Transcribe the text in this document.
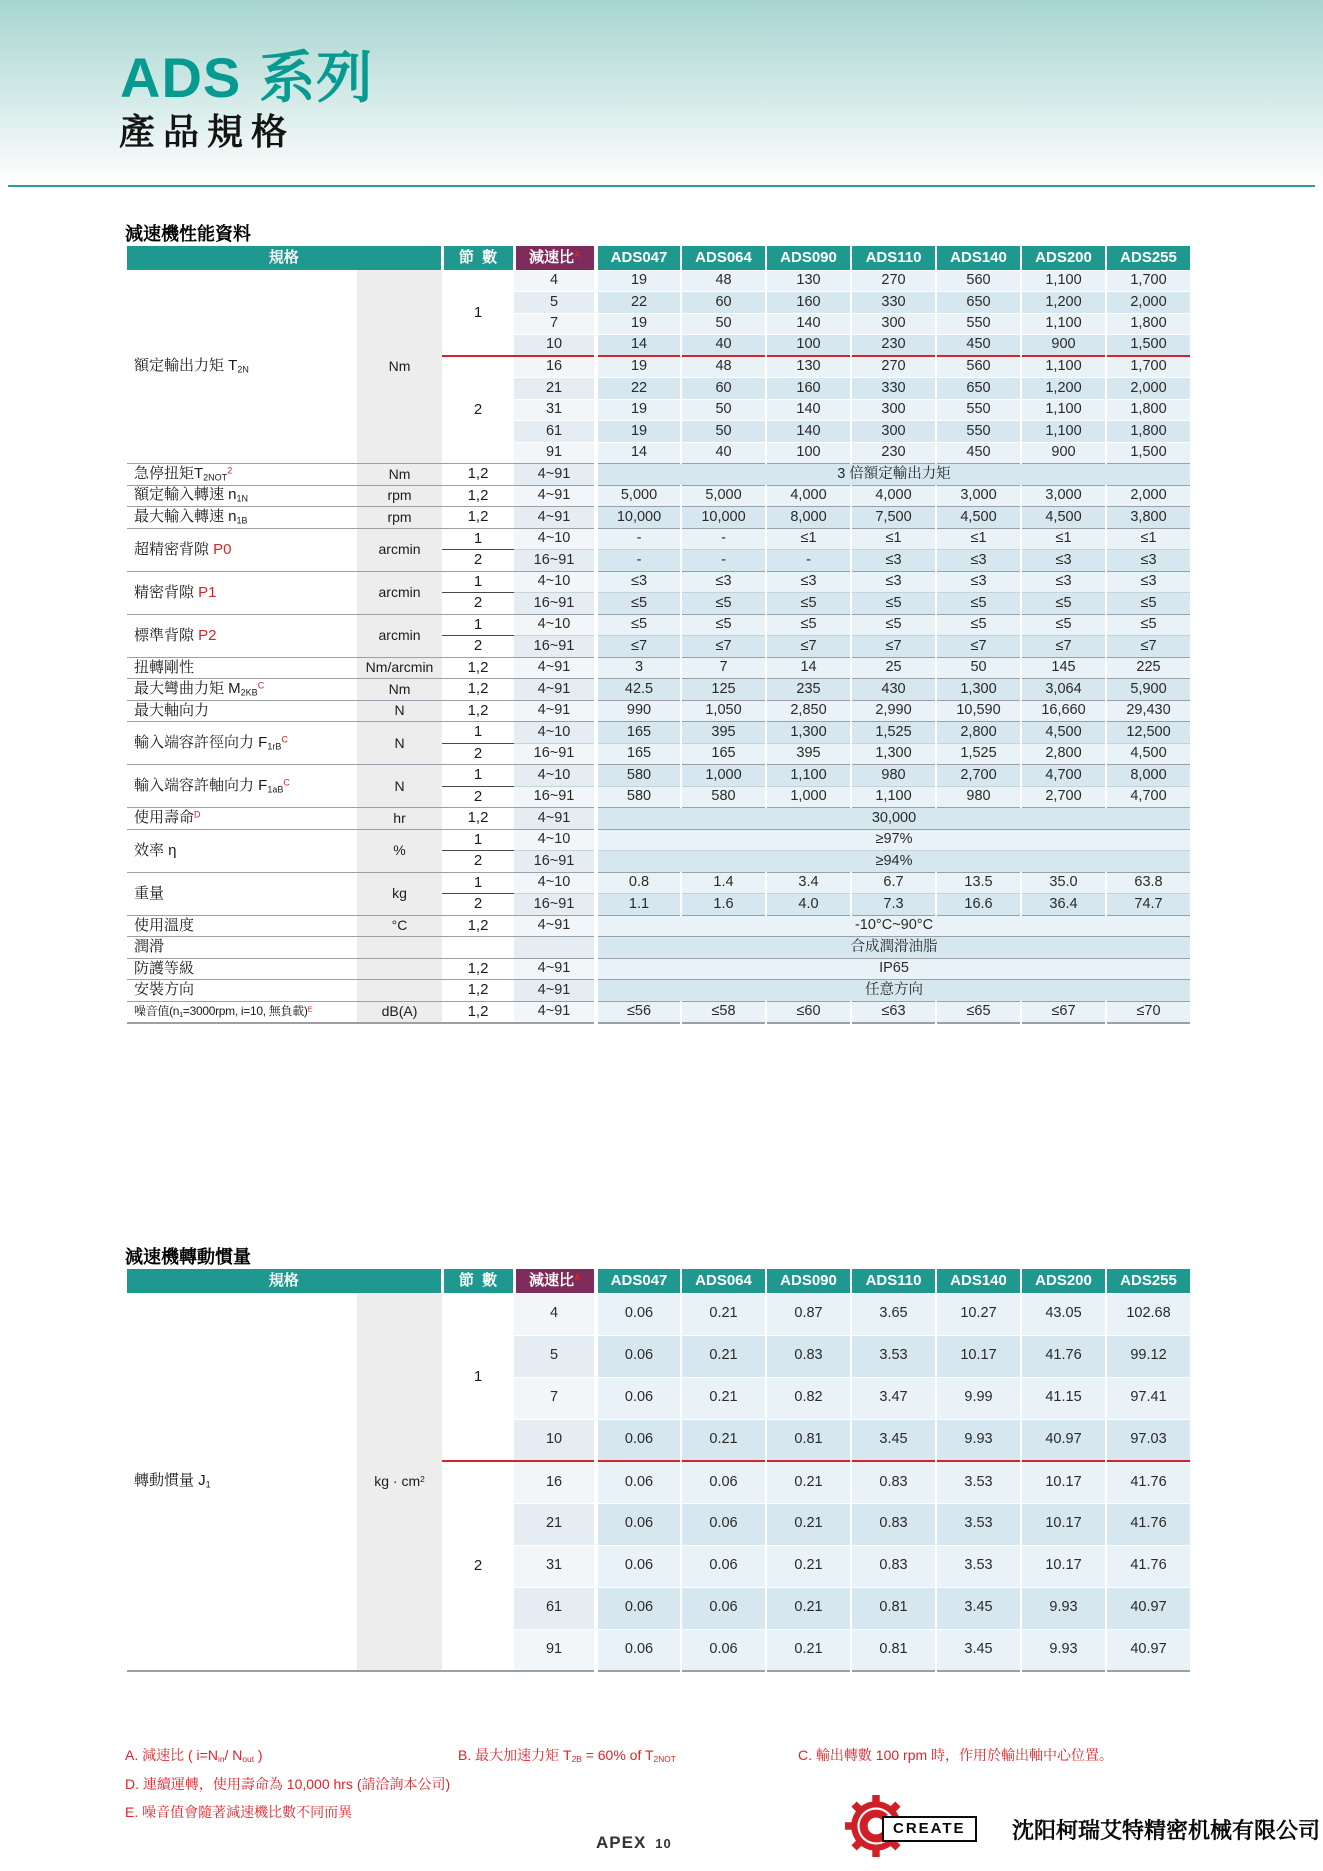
ADS 系列
產品規格
減速機性能資料
規格		節  數	減速比$^A$	ADS047	ADS064	ADS090	ADS110	ADS140	ADS200	ADS255
額定輸出力矩 T2N	Nm	1	4	19	48	130	270	560	1,100	1,700
			5	22	60	160	330	650	1,200	2,000
			7	19	50	140	300	550	1,100	1,800
			10	14	40	100	230	450	900	1,500
		2	16	19	48	130	270	560	1,100	1,700
			21	22	60	160	330	650	1,200	2,000
			31	19	50	140	300	550	1,100	1,800
			61	19	50	140	300	550	1,100	1,800
			91	14	40	100	230	450	900	1,500
急停扭矩T2NOT$^2$	Nm	1,2	4~91	3 倍額定輸出力矩						
額定輸入轉速 n1N	rpm	1,2	4~91	5,000	5,000	4,000	4,000	3,000	3,000	2,000
最大輸入轉速 n1B	rpm	1,2	4~91	10,000	10,000	8,000	7,500	4,500	4,500	3,800
超精密背隙 P0	arcmin	1	4~10	-	-	≤1	≤1	≤1	≤1	≤1
		2	16~91	-	-	-	≤3	≤3	≤3	≤3
精密背隙 P1	arcmin	1	4~10	≤3	≤3	≤3	≤3	≤3	≤3	≤3
		2	16~91	≤5	≤5	≤5	≤5	≤5	≤5	≤5
標準背隙 P2	arcmin	1	4~10	≤5	≤5	≤5	≤5	≤5	≤5	≤5
		2	16~91	≤7	≤7	≤7	≤7	≤7	≤7	≤7
扭轉剛性	Nm/arcmin	1,2	4~91	3	7	14	25	50	145	225
最大彎曲力矩 $M2KB^C$	Nm	1,2	4~91	42.5	125	235	430	1,300	3,064	5,900
最大軸向力	N	1,2	4~91	990	1,050	2,850	2,990	10,590	16,660	29,430
輸入端容許徑向力 $F1rB^C$	N	1	4~10	165	395	1,300	1,525	2,800	4,500	12,500
		2	16~91	165	165	395	1,300	1,525	2,800	4,500
輸入端容許軸向力 $F1aB^C$	N	1	4~10	580	1,000	1,100	980	2,700	4,700	8,000
		2	16~91	580	580	1,000	1,100	980	2,700	4,700
使用壽命$^D$	hr	1,2	4~91	30,000						
效率 η	%	1	4~10	≥97%						
		2	16~91	≥94%						
重量	kg	1	4~10	0.8	1.4	3.4	6.7	13.5	35.0	63.8
		2	16~91	1.1	1.6	4.0	7.3	16.6	36.4	74.7
使用溫度	°C	1,2	4~91	-10°C~90°C						
潤滑				合成潤滑油脂						
防護等級		1,2	4~91	IP65						
安裝方向		1,2	4~91	任意方向						
噪音值(n1=3000rpm, i=10, 無負載)$^E$	dB(A)	1,2	4~91	≤56	≤58	≤60	≤63	≤65	≤67	≤70
減速機轉動慣量
規格		節  數	減速比$^A$	ADS047	ADS064	ADS090	ADS110	ADS140	ADS200	ADS255
轉動慣量 J1	kg · $cm^2$	1	4	0.06	0.21	0.87	3.65	10.27	43.05	102.68
			5	0.06	0.21	0.83	3.53	10.17	41.76	99.12
			7	0.06	0.21	0.82	3.47	9.99	41.15	97.41
			10	0.06	0.21	0.81	3.45	9.93	40.97	97.03
		2	16	0.06	0.06	0.21	0.83	3.53	10.17	41.76
			21	0.06	0.06	0.21	0.83	3.53	10.17	41.76
			31	0.06	0.06	0.21	0.83	3.53	10.17	41.76
			61	0.06	0.06	0.21	0.81	3.45	9.93	40.97
			91	0.06	0.06	0.21	0.81	3.45	9.93	40.97
A. 減速比 ( i=Nin/ Nout )	B. 最大加速力矩 T2B = 60% of T2NOT	C. 輸出轉數 100 rpm 時，作用於輸出軸中心位置。
D. 連續運轉，使用壽命為 10,000 hrs (請洽詢本公司)
E. 噪音值會隨著減速機比數不同而異
APEX 10
CREATE	沈阳柯瑞艾特精密机械有限公司
